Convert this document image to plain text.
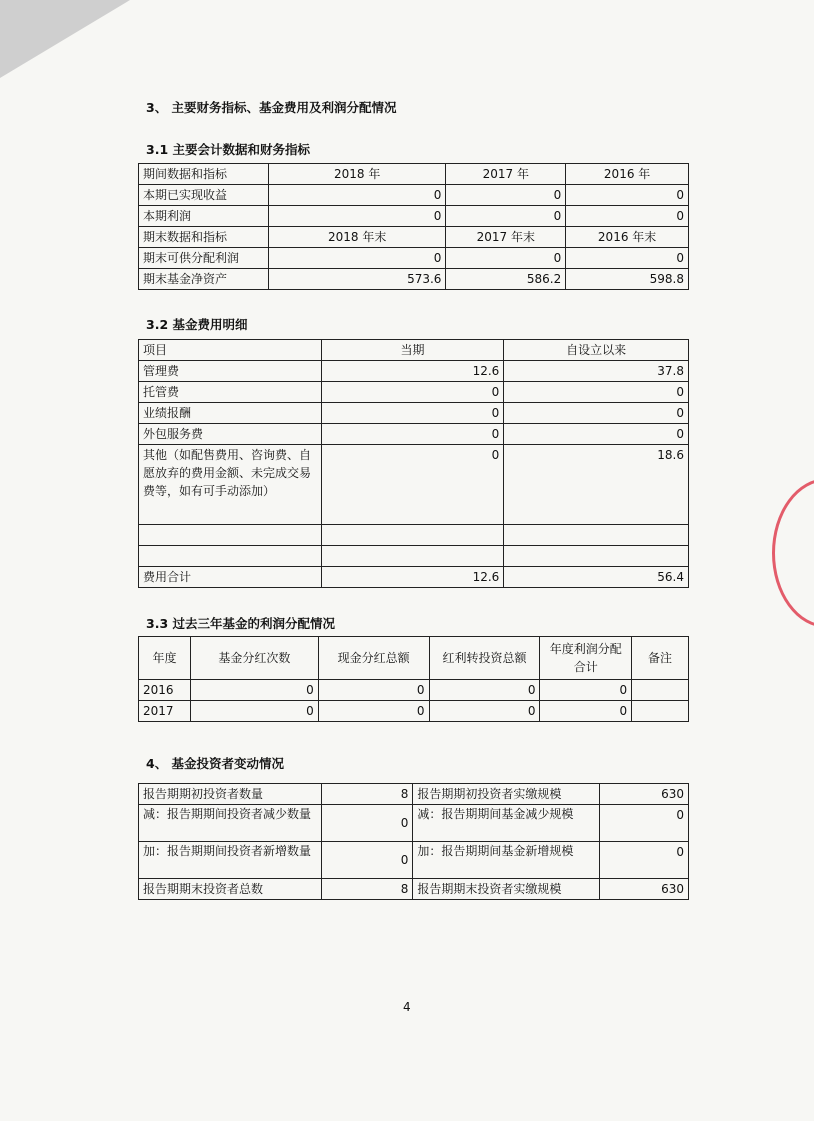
3、 主要财务指标、基金费用及利润分配情况
3.1 主要会计数据和财务指标
期间数据和指标	2018 年	2017 年	2016 年
本期已实现收益	0	0	0
本期利润	0	0	0
期末数据和指标	2018 年末	2017 年末	2016 年末
期末可供分配利润	0	0	0
期末基金净资产	573.6	586.2	598.8
3.2 基金费用明细
项目	当期	自设立以来
管理费	12.6	37.8
托管费	0	0
业绩报酬	0	0
外包服务费	0	0
其他（如配售费用、咨询费、自愿放弃的费用金额、未完成交易费等，如有可手动添加）	0	18.6

费用合计	12.6	56.4
3.3 过去三年基金的利润分配情况
年度	基金分红次数	现金分红总额	红利转投资总额	年度利润分配合计	备注
2016	0	0	0	0	
2017	0	0	0	0	
4、 基金投资者变动情况
报告期期初投资者数量	8	报告期期初投资者实缴规模	630
减：报告期期间投资者减少数量	0	减：报告期期间基金减少规模	0
加：报告期期间投资者新增数量	0	加：报告期期间基金新增规模	0
报告期期末投资者总数	8	报告期期末投资者实缴规模	630
4
